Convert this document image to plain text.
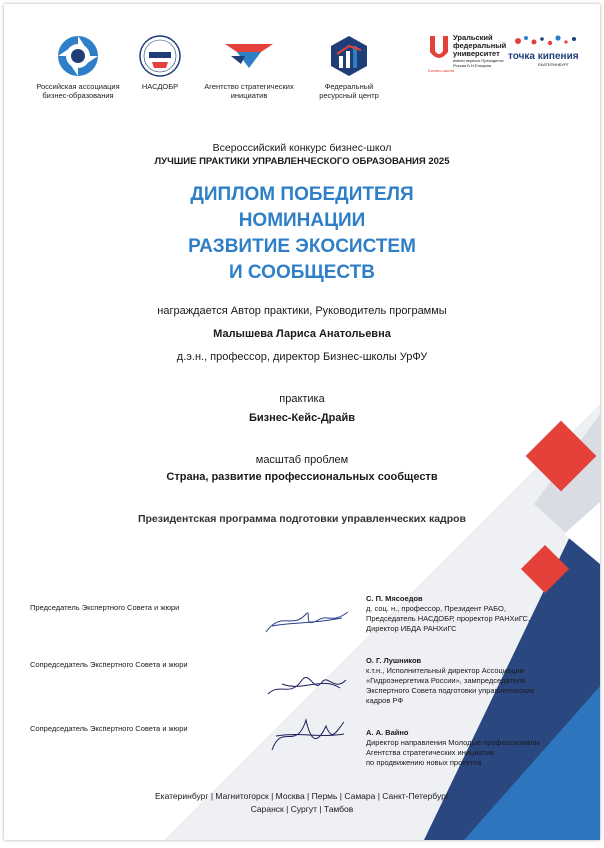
Российская ассоциация
бизнес-образования
НАСДОБР	Агентство стратегических
инициатив
Федеральный
ресурсный центр
Уральский
федеральный
университет
имени первого Президента
России Б.Н.Ельцина
Бизнес-школа
точка кипения
ЕКАТЕРИНБУРГ
Всероссийский конкурс бизнес-школ
ЛУЧШИЕ ПРАКТИКИ УПРАВЛЕНЧЕСКОГО ОБРАЗОВАНИЯ 2025
ДИПЛОМ ПОБЕДИТЕЛЯ
НОМИНАЦИИ
РАЗВИТИЕ ЭКОСИСТЕМ
И СООБЩЕСТВ
награждается Автор практики, Руководитель программы
Малышева Лариса Анатольевна
д.э.н., профессор, директор Бизнес-школы УрФУ
практика
Бизнес-Кейс-Драйв
масштаб проблем
Страна, развитие профессиональных сообществ
Президентская программа подготовки управленческих кадров
Председатель Экспертного Совета и жюри
С. П. Мясоедов
д. соц. н., профессор, Президент РАБО,
Председатель НАСДОБР, проректор РАНХиГС,
Директор ИБДА РАНХиГС
Сопредседатель Экспертного Совета и жюри	О. Г. Лушников
к.т.н., Исполнительный директор Ассоциации
«Гидроэнергетика России», зампредседателя
Экспертного Совета подготовки управленческих
кадров РФ
Сопредседатель Экспертного Совета и жюри	А. А. Вайно
Директор направления Молодые профессионалы
Агентства стратегических инициатив
по продвижению новых проектов
Екатеринбург | Магнитогорск | Москва | Пермь | Самара | Санкт-Петербург
Саранск | Сургут | Тамбов
